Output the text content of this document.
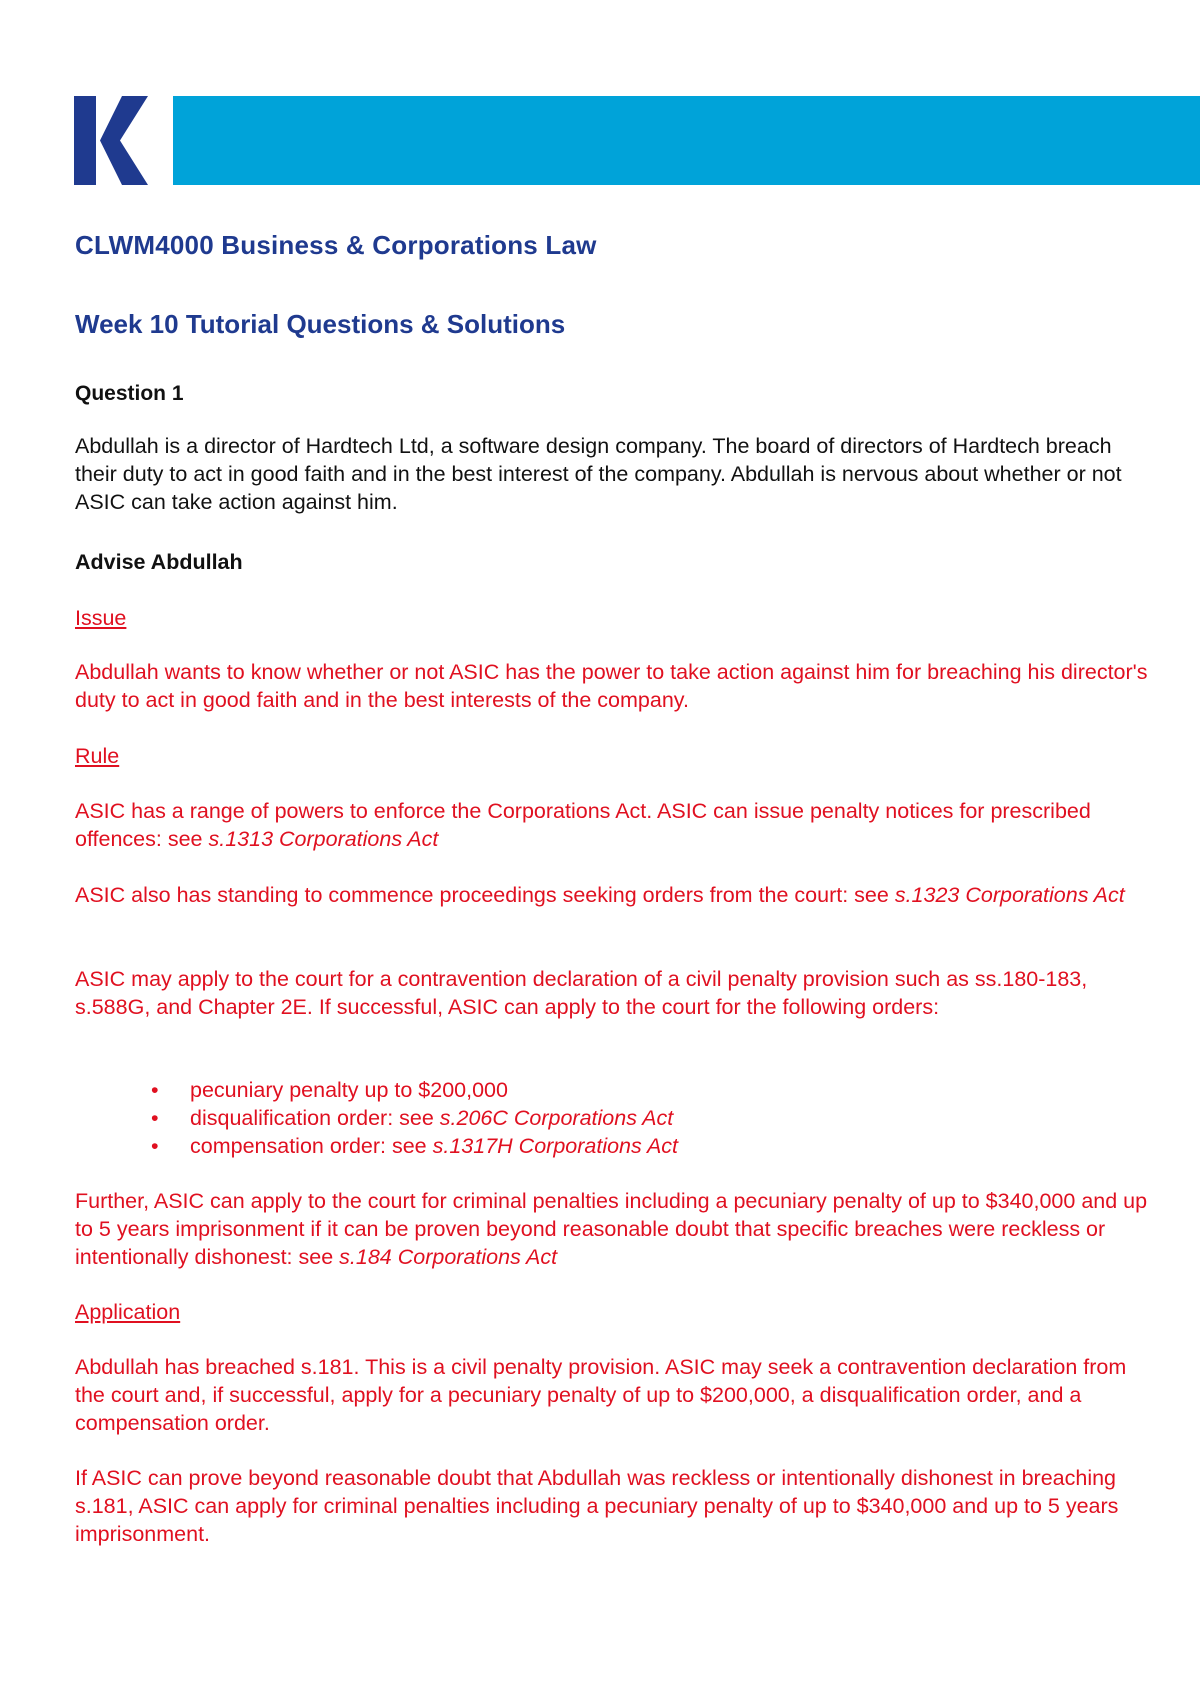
CLWM4000 Business & Corporations Law
Week 10 Tutorial Questions & Solutions
Question 1

Abdullah is a director of Hardtech Ltd, a software design company. The board of directors of Hardtech breach their duty to act in good faith and in the best interest of the company. Abdullah is nervous about whether or not ASIC can take action against him.

Advise Abdullah

Issue

Abdullah wants to know whether or not ASIC has the power to take action against him for breaching his director's duty to act in good faith and in the best interests of the company.

Rule

ASIC has a range of powers to enforce the Corporations Act. ASIC can issue penalty notices for prescribed offences: see s.1313 Corporations Act

ASIC also has standing to commence proceedings seeking orders from the court: see s.1323 Corporations Act

ASIC may apply to the court for a contravention declaration of a civil penalty provision such as ss.180-183, s.588G, and Chapter 2E. If successful, ASIC can apply to the court for the following orders:

• pecuniary penalty up to $200,000
• disqualification order: see s.206C Corporations Act
• compensation order: see s.1317H Corporations Act

Further, ASIC can apply to the court for criminal penalties including a pecuniary penalty of up to $340,000 and up to 5 years imprisonment if it can be proven beyond reasonable doubt that specific breaches were reckless or intentionally dishonest: see s.184 Corporations Act

Application

Abdullah has breached s.181. This is a civil penalty provision. ASIC may seek a contravention declaration from the court and, if successful, apply for a pecuniary penalty of up to $200,000, a disqualification order, and a compensation order.

If ASIC can prove beyond reasonable doubt that Abdullah was reckless or intentionally dishonest in breaching s.181, ASIC can apply for criminal penalties including a pecuniary penalty of up to $340,000 and up to 5 years imprisonment.
